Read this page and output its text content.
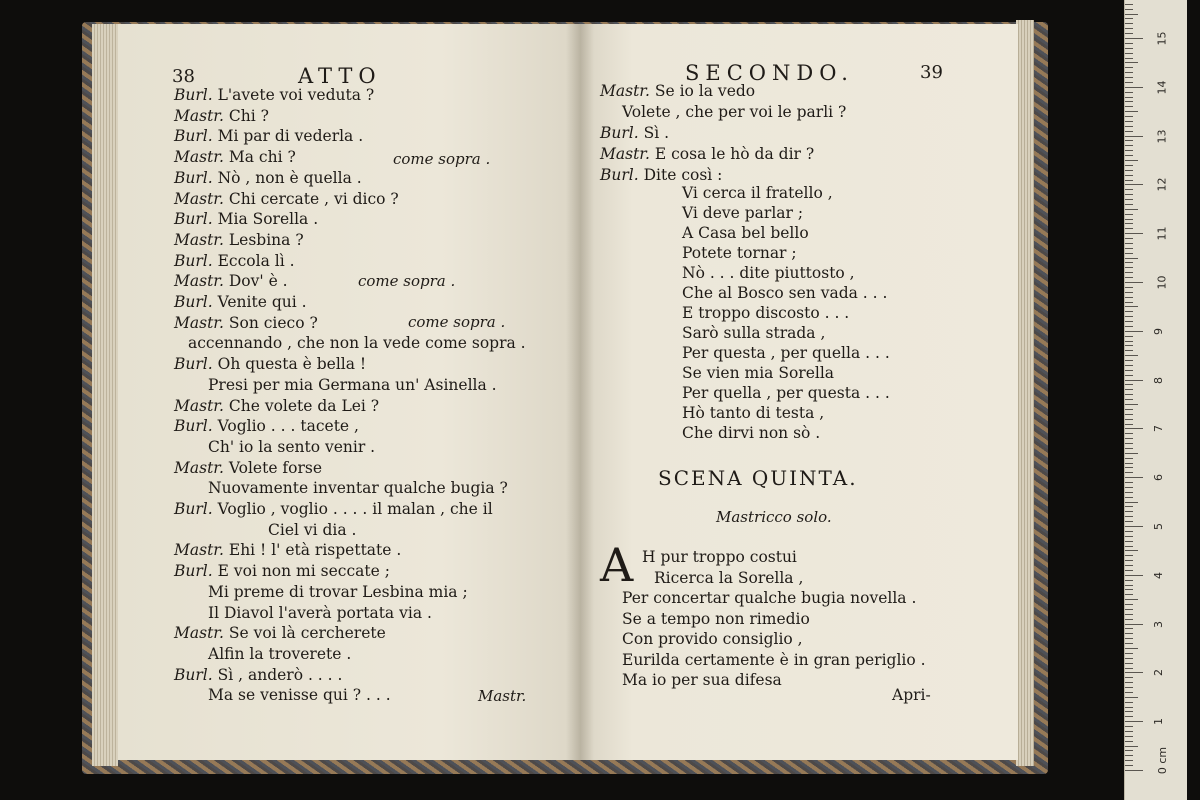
38	ATTO
Burl. L'avete voi veduta ?
Mastr. Chi ?
Burl. Mi par di vederla .
Mastr. Ma chi ?
Burl. Nò , non è quella .
Mastr. Chi cercate , vi dico ?
Burl. Mia Sorella .
Mastr. Lesbina ?
Burl. Eccola lì .
Mastr. Dov' è .
Burl. Venite qui .
Mastr. Son cieco ?
accennando , che non la vede come sopra .
Burl. Oh questa è bella !
Presi per mia Germana un' Asinella .
Mastr. Che volete da Lei ?
Burl. Voglio . . . tacete ,
Ch' io la sento venir .
Mastr. Volete forse
Nuovamente inventar qualche bugia ?
Burl. Voglio , voglio . . . . il malan , che il
Ciel vi dia .
Mastr. Ehi ! l' età rispettate .
Burl. E voi non mi seccate ;
Mi preme di trovar Lesbina mia ;
Il Diavol l'averà portata via .
Mastr. Se voi là cercherete
Alfin la troverete .
Burl. Sì , anderò . . . .
Ma se venisse qui ? . . .
come sopra .
come sopra .
come sopra .
Mastr.
SECONDO.	39
Mastr. Se io la vedo
Volete , che per voi le parli ?
Burl. Sì .
Mastr. E cosa le hò da dir ?
Burl. Dite così :
Vi cerca il fratello ,
Vi deve parlar ;
A Casa bel bello
Potete tornar ;
Nò . . . dite piuttosto ,
Che al Bosco sen vada . . .
E troppo discosto . . .
Sarò sulla strada ,
Per questa , per quella . . .
Se vien mia Sorella
Per quella , per questa . . .
Hò tanto di testa ,
Che dirvi non sò .
SCENA QUINTA.
Mastricco solo.
A H pur troppo costui
Ricerca la Sorella ,
Per concertar qualche bugia novella .
Se a tempo non rimedio
Con provido consiglio ,
Eurilda certamente è in gran periglio .
Ma io per sua difesa
Apri-
0 cm
1
2
3
4
5
6
7
8
9
10
11
12
13
14
15
